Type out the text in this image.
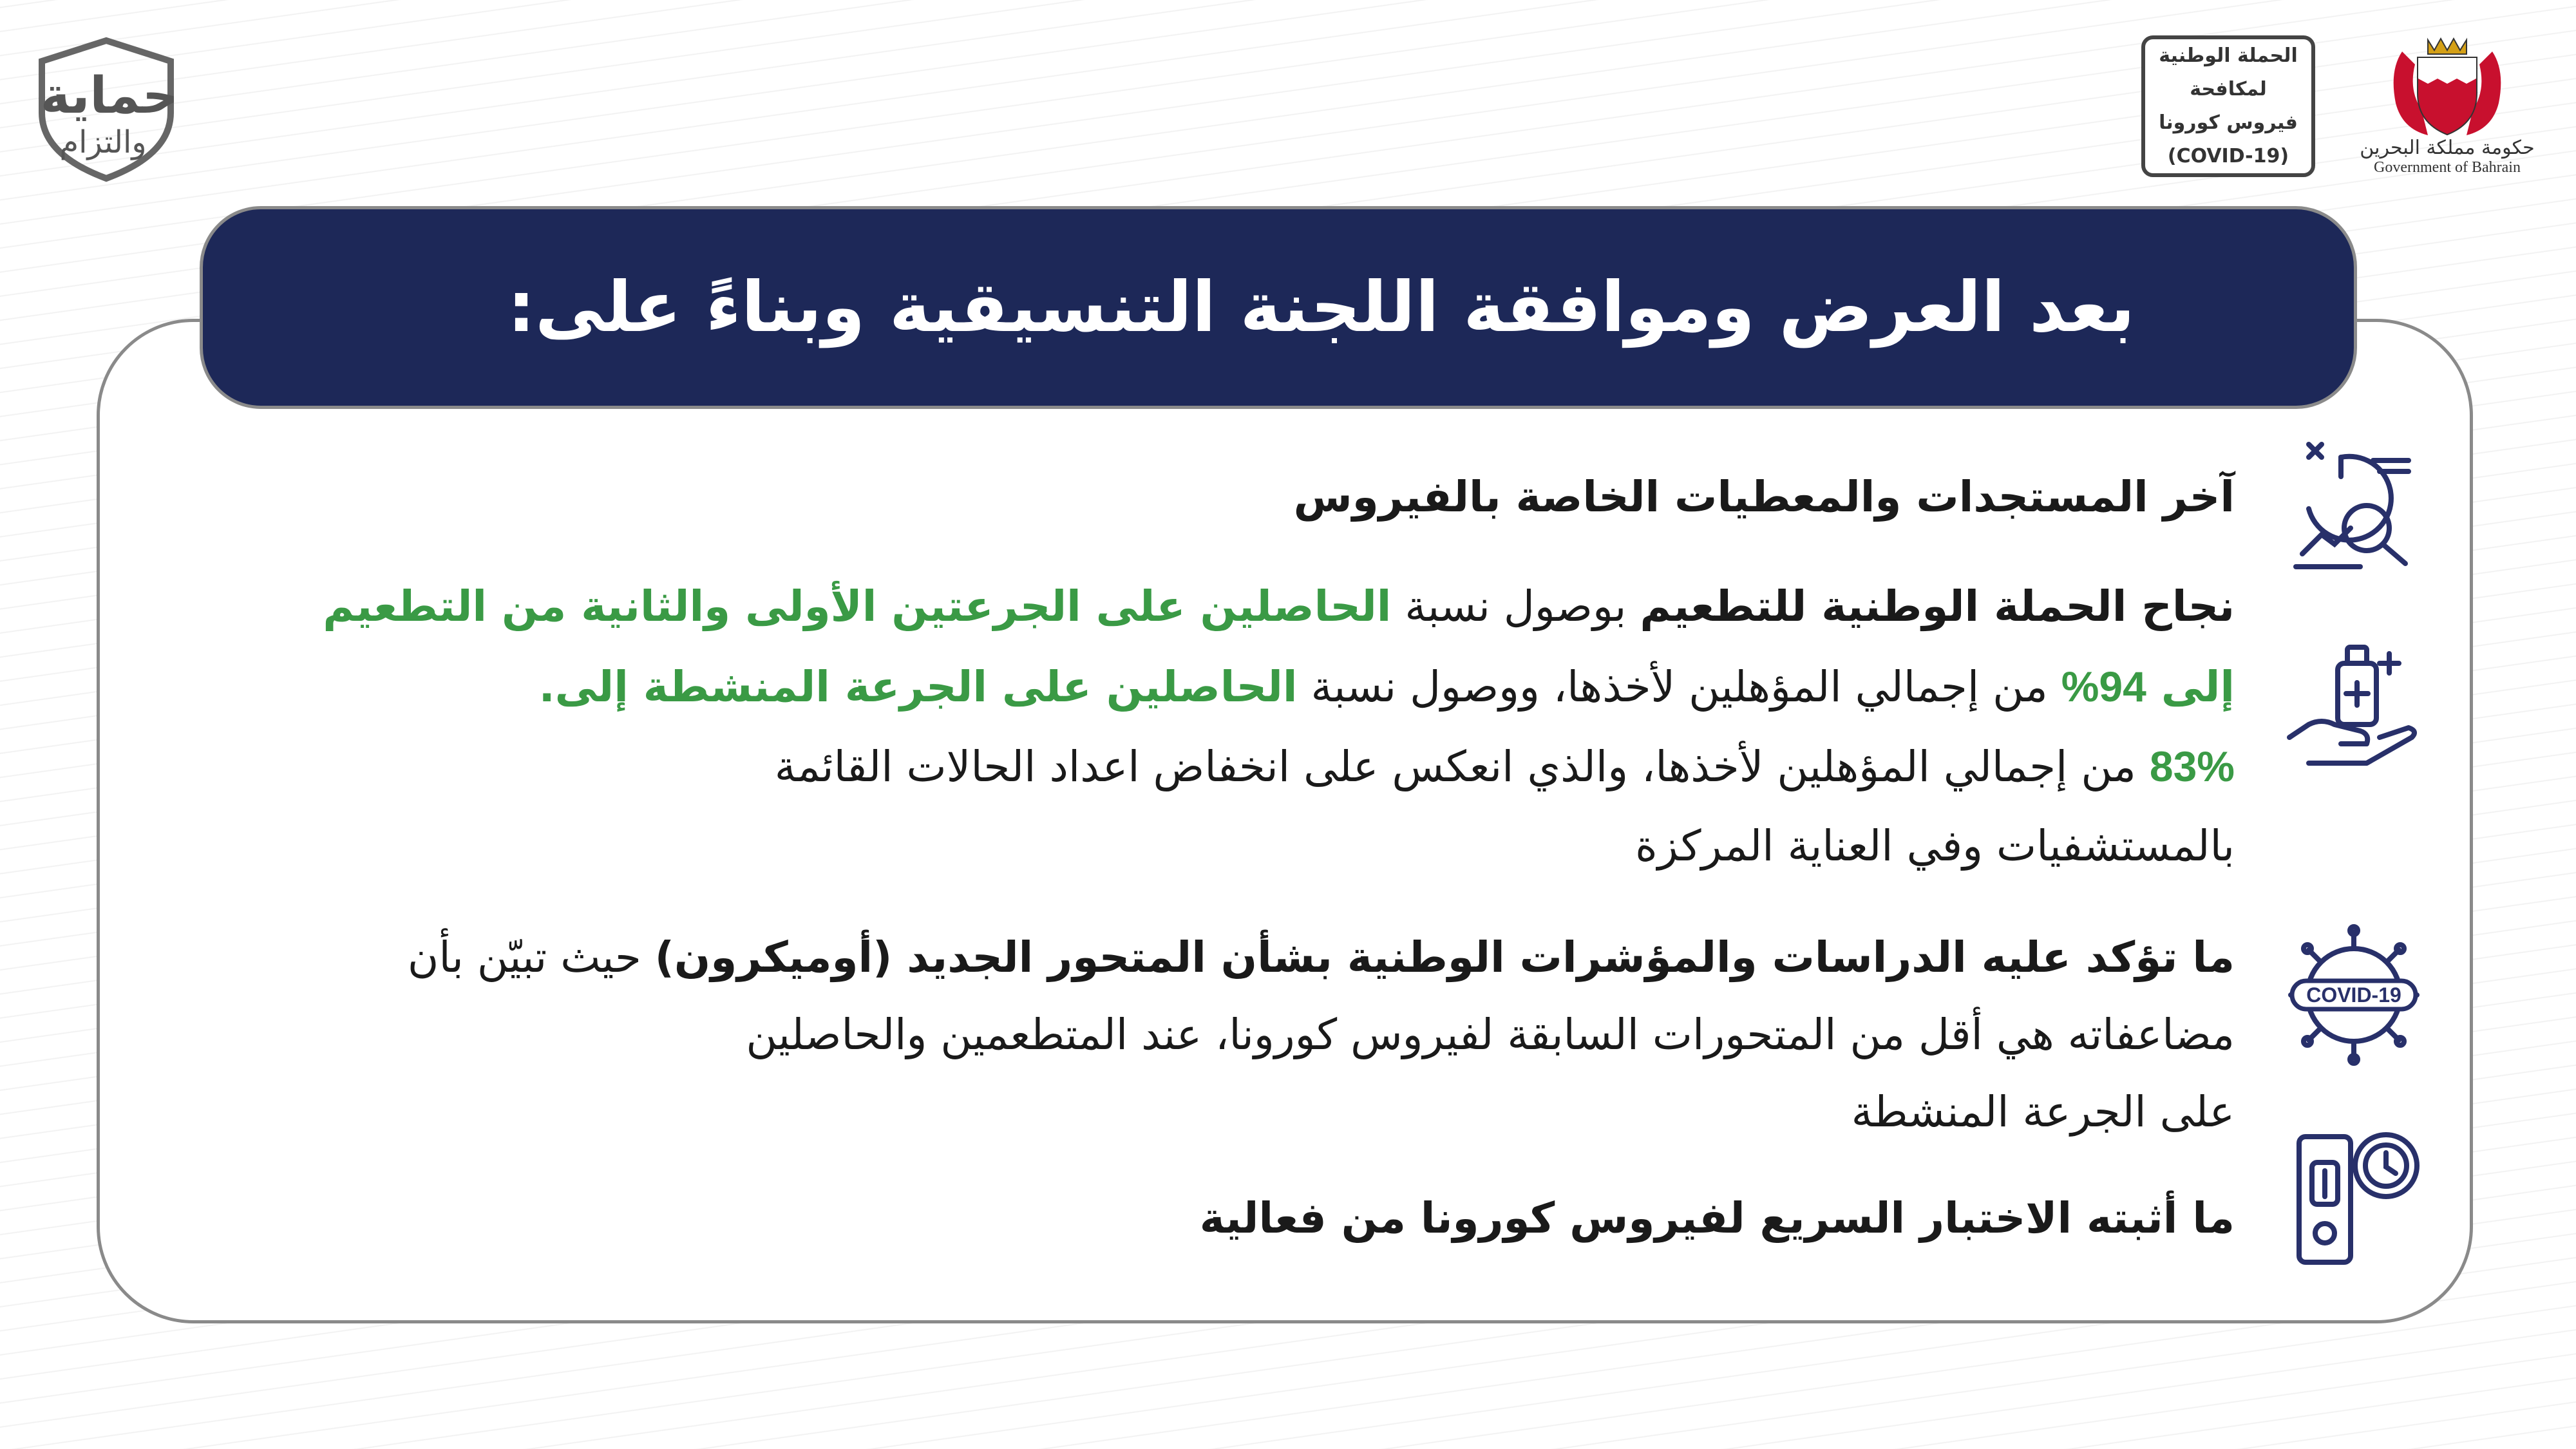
حماية
والتزام
الحملة الوطنية
لمكافحة
فيروس كورونا
(COVID-19)	حكومة مملكة البحرين
Government of Bahrain
بعد العرض وموافقة اللجنة التنسيقية وبناءً على:
آخر المستجدات والمعطيات الخاصة بالفيروس
نجاح الحملة الوطنية للتطعيم بوصول نسبة الحاصلين على الجرعتين الأولى والثانية من التطعيم
إلى 94% من إجمالي المؤهلين لأخذها، ووصول نسبة الحاصلين على الجرعة المنشطة إلى.
83% من إجمالي المؤهلين لأخذها، والذي انعكس على انخفاض اعداد الحالات القائمة
بالمستشفيات وفي العناية المركزة
COVID-19
ما تؤكد عليه الدراسات والمؤشرات الوطنية بشأن المتحور الجديد (أوميكرون) حيث تبيّن بأن
مضاعفاته هي أقل من المتحورات السابقة لفيروس كورونا، عند المتطعمين والحاصلين
على الجرعة المنشطة
ما أثبته الاختبار السريع لفيروس كورونا من فعالية
